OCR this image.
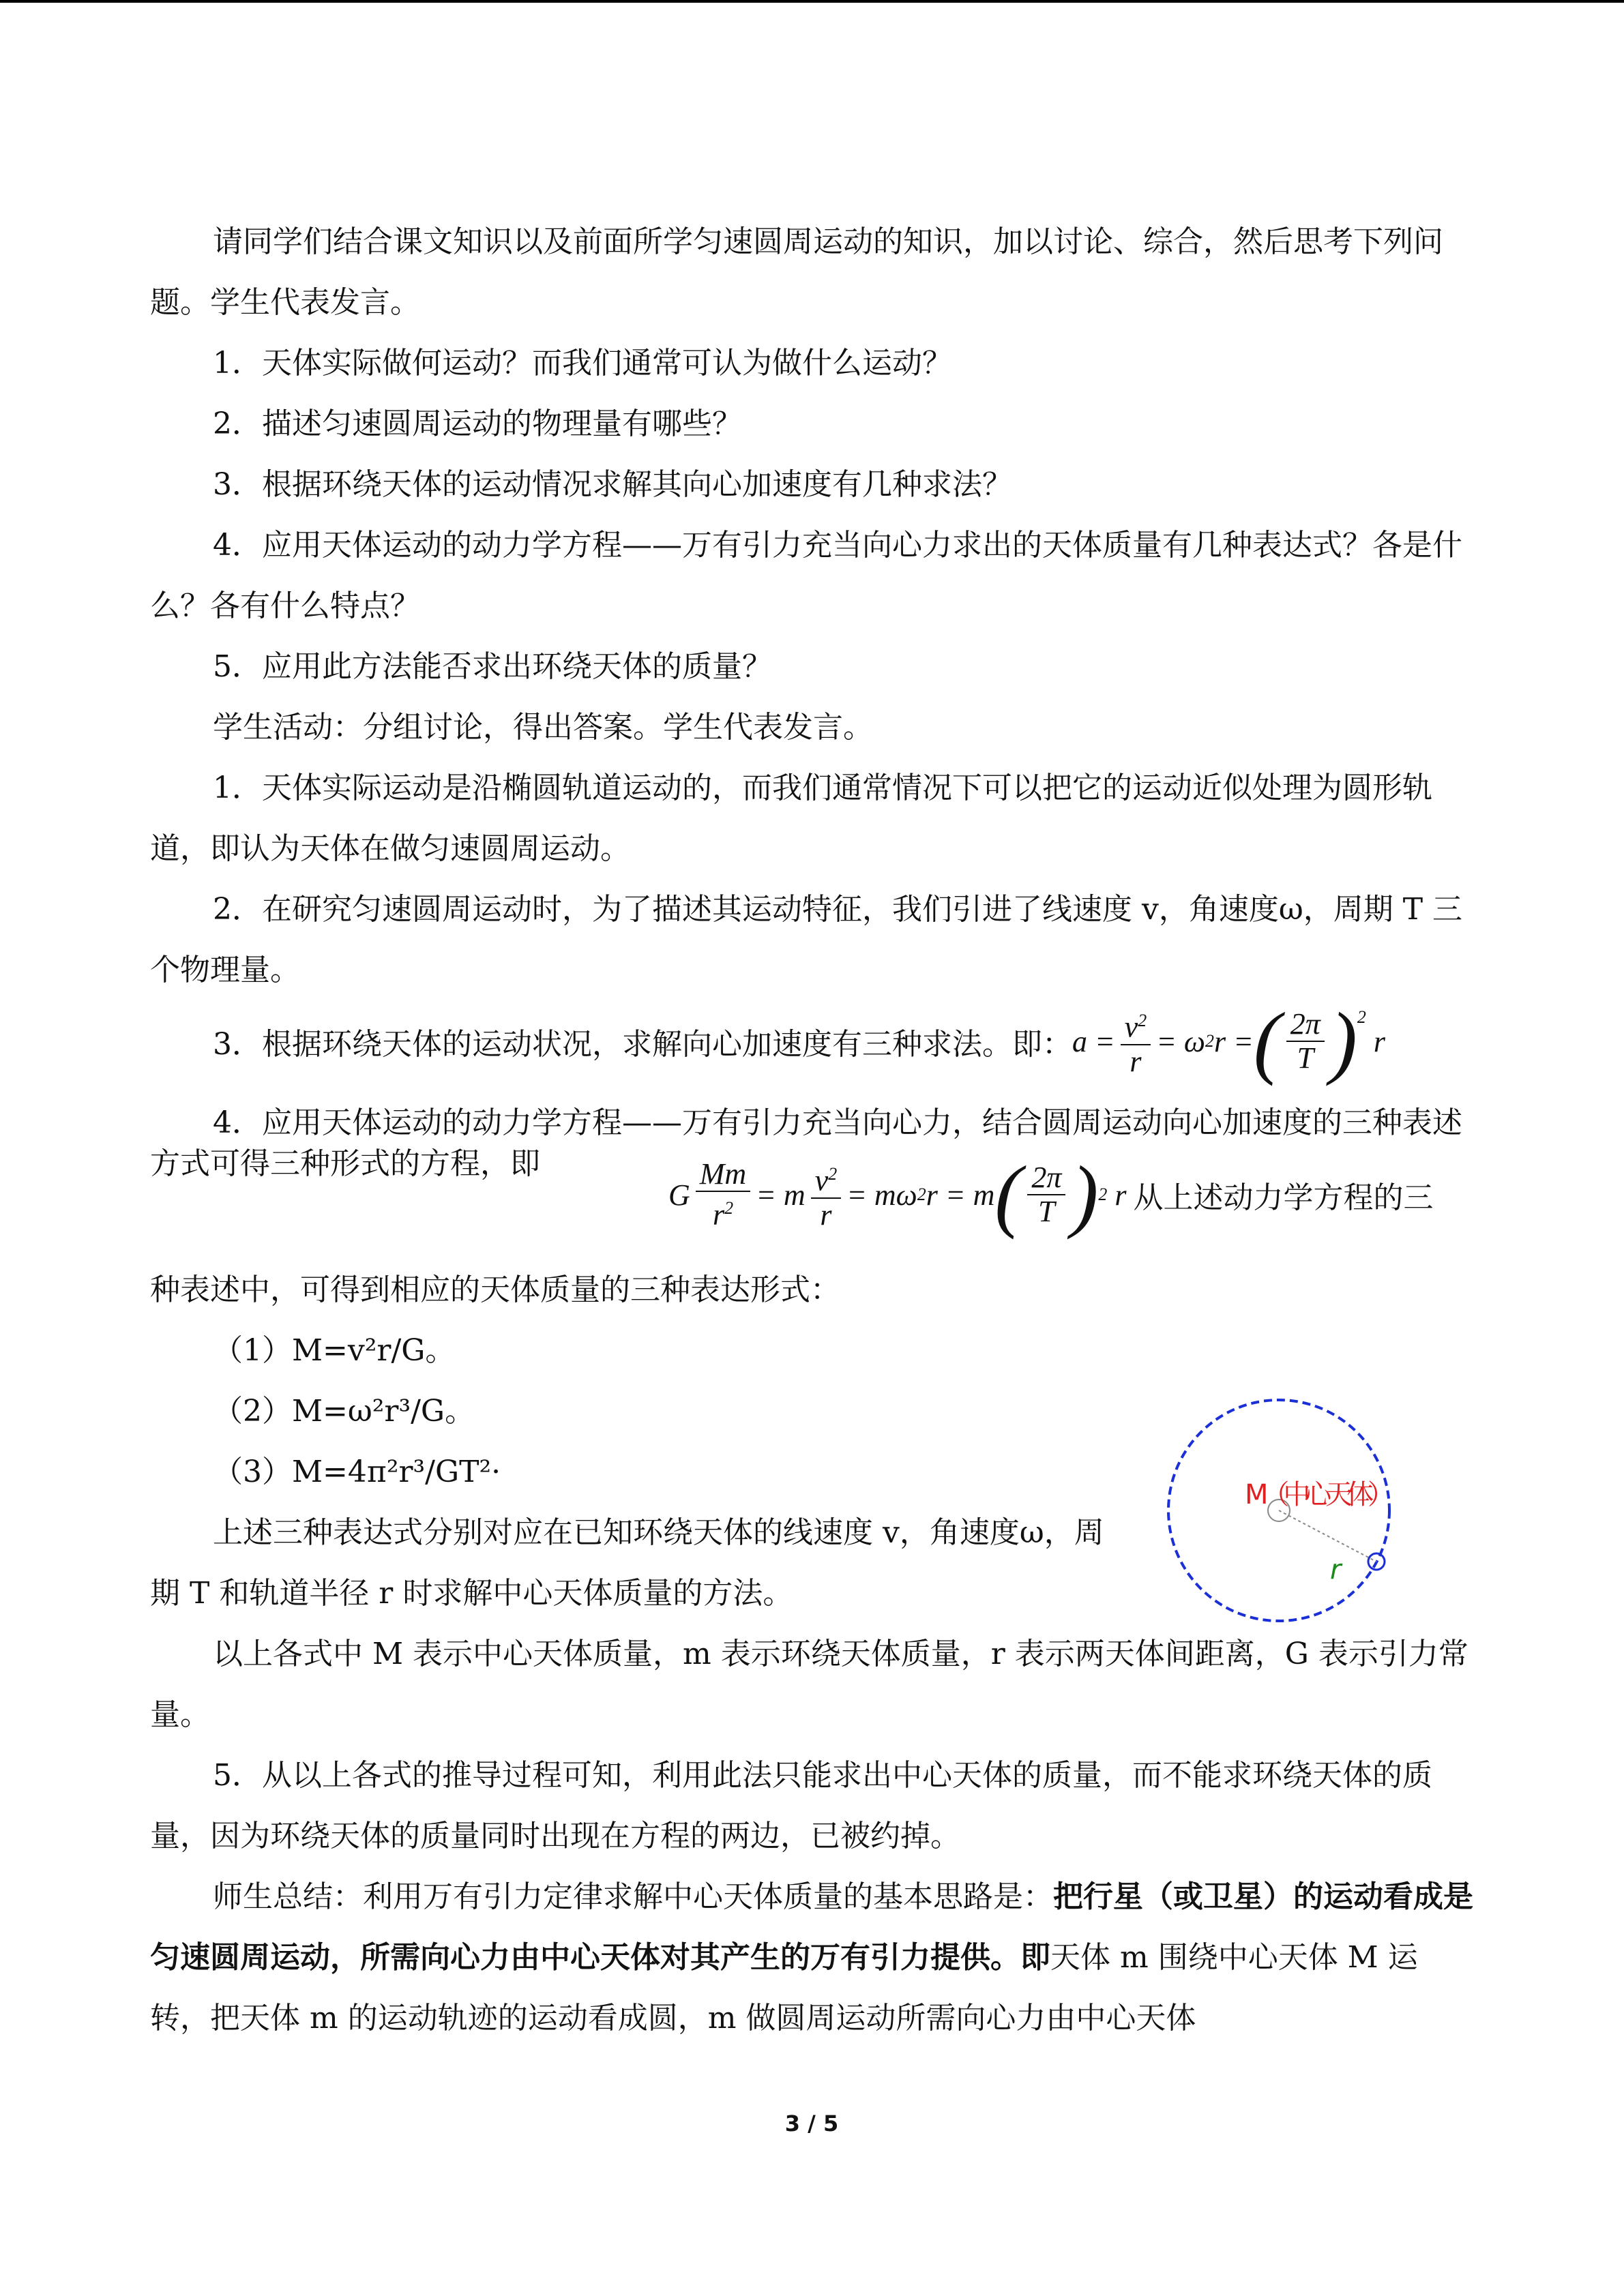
请同学们结合课文知识以及前面所学匀速圆周运动的知识，加以讨论、综合，然后思考下列问题。学生代表发言。

1．天体实际做何运动？而我们通常可认为做什么运动？

2．描述匀速圆周运动的物理量有哪些？

3．根据环绕天体的运动情况求解其向心加速度有几种求法？

4．应用天体运动的动力学方程——万有引力充当向心力求出的天体质量有几种表达式？各是什么？各有什么特点？

5．应用此方法能否求出环绕天体的质量？

学生活动：分组讨论，得出答案。学生代表发言。

1．天体实际运动是沿椭圆轨道运动的，而我们通常情况下可以把它的运动近似处理为圆形轨道，即认为天体在做匀速圆周运动。

2．在研究匀速圆周运动时，为了描述其运动特征，我们引进了线速度 v，角速度ω，周期 T 三个物理量。

3．根据环绕天体的运动状况，求解向心加速度有三种求法。即： $a = \frac{v^2}{r} = \omega$ 2 r = ( $\frac{2\pi}{T} )^2$
r
4．应用天体运动的动力学方程——万有引力充当向心力，结合圆周运动向心加速度的三种表述方式可得三种形式的方程，即
G $\frac{Mm}{r^2} = m \frac{v^2}{r} = m\omega$ 2 r = m ( $\frac{2\pi}{T}$ ) 2 r 从上述动力学方程的三

种表述中，可得到相应的天体质量的三种表达形式：

（1）M=v²r/G。

（2）M=ω²r³/G。

（3）M=4π²r³/GT²·

上述三种表达式分别对应在已知环绕天体的线速度 v，角速度ω，周期 T 和轨道半径 r 时求解中心天体质量的方法。

以上各式中 M 表示中心天体质量，m 表示环绕天体质量，r 表示两天体间距离，G 表示引力常量。

5．从以上各式的推导过程可知，利用此法只能求出中心天体的质量，而不能求环绕天体的质量，因为环绕天体的质量同时出现在方程的两边，已被约掉。

师生总结：利用万有引力定律求解中心天体质量的基本思路是：把行星（或卫星）的运动看成是匀速圆周运动，所需向心力由中心天体对其产生的万有引力提供。即天体 m 围绕中心天体 M 运转，把天体 m 的运动轨迹的运动看成圆，m 做圆周运动所需向心力由中心天体

M（中心天体）
r
3 / 5
